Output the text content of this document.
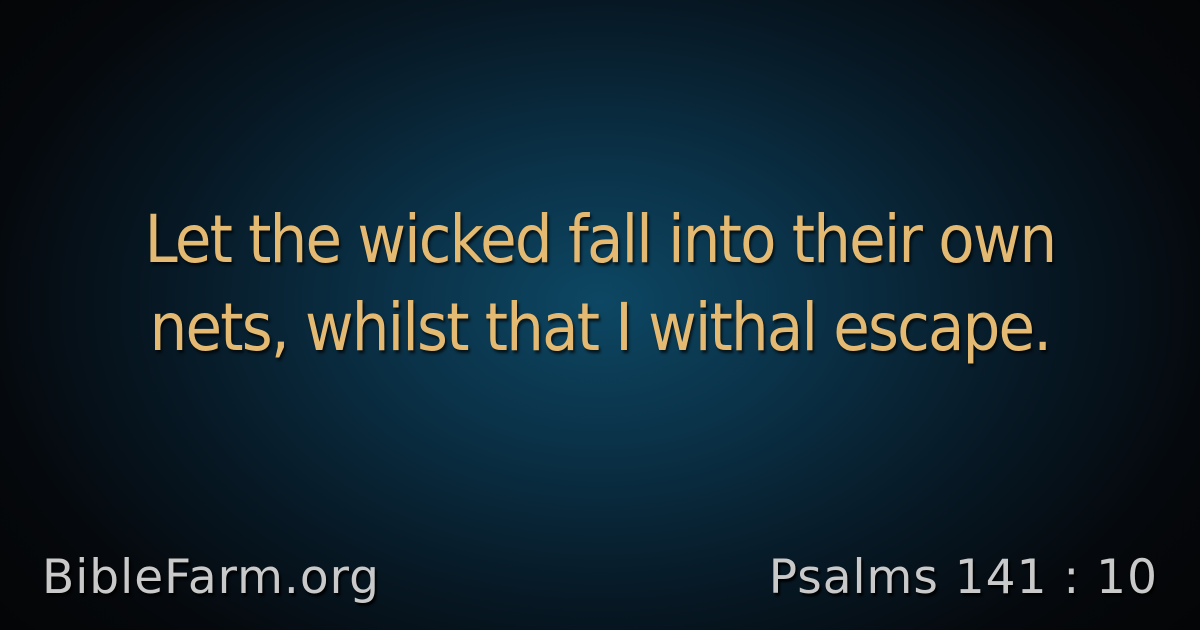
Let the wicked fall into their own
nets, whilst that I withal escape.
BibleFarm.org	Psalms 141 : 10
